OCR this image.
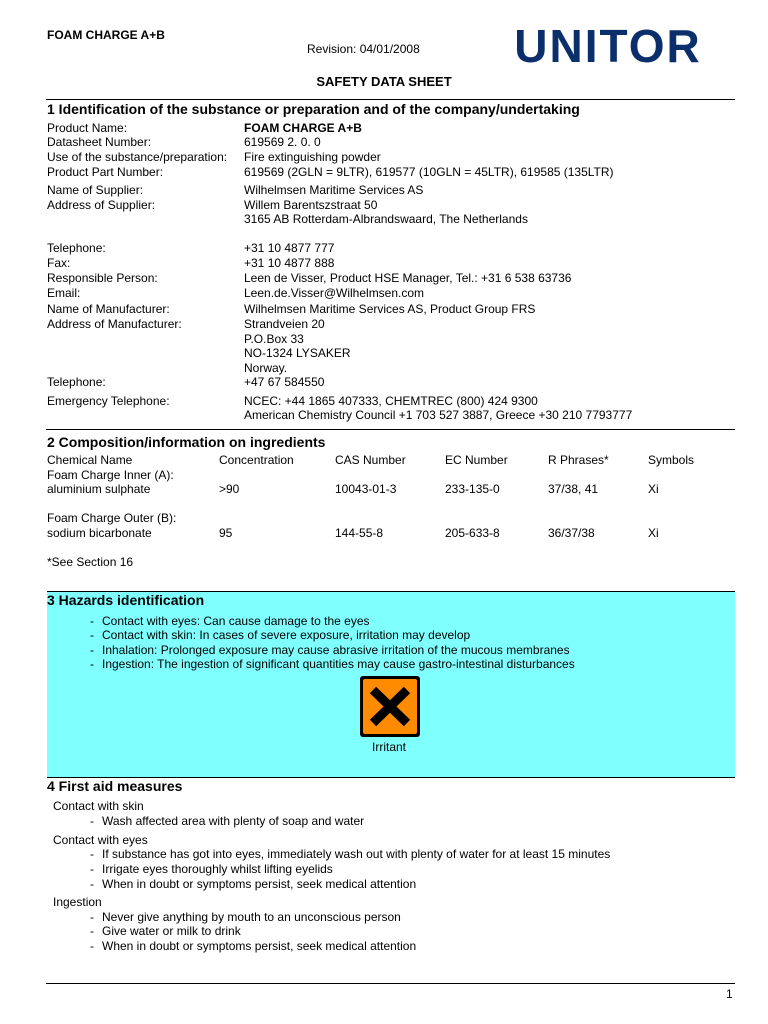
FOAM CHARGE A+B
Revision: 04/01/2008 UNITOR
SAFETY DATA SHEET
1 Identification of the substance or preparation and of the company/undertaking
Product Name:	FOAM CHARGE A+B
Datasheet Number:	619569 2. 0. 0
Use of the substance/preparation: Fire extinguishing powder
Product Part Number:	619569 (2GLN = 9LTR), 619577 (10GLN = 45LTR), 619585 (135LTR)
Name of Supplier:	Wilhelmsen Maritime Services AS
Address of Supplier:	Willem Barentszstraat 50
3165 AB Rotterdam-Albrandswaard, The Netherlands
Telephone:	+31 10 4877 777
Fax:	+31 10 4877 888
Responsible Person:	Leen de Visser, Product HSE Manager, Tel.: +31 6 538 63736
Email:	Leen.de.Visser@Wilhelmsen.com
Name of Manufacturer:	Wilhelmsen Maritime Services AS, Product Group FRS
Address of Manufacturer:	Strandveien 20
P.O.Box 33
NO-1324 LYSAKER
Norway.
Telephone:	+47 67 584550
Emergency Telephone:	NCEC: +44 1865 407333, CHEMTREC (800) 424 9300
American Chemistry Council +1 703 527 3887, Greece +30 210 7793777
2 Composition/information on ingredients
Chemical Name	Concentration	CAS Number	EC Number	R Phrases*	Symbols
Foam Charge Inner (A):
aluminium sulphate	>90	10043-01-3	233-135-0	37/38, 41	Xi
Foam Charge Outer (B):
sodium bicarbonate	95	144-55-8	205-633-8	36/37/38	Xi
*See Section 16
3 Hazards identification
- Contact with eyes: Can cause damage to the eyes
- Contact with skin: In cases of severe exposure, irritation may develop
- Inhalation: Prolonged exposure may cause abrasive irritation of the mucous membranes
- Ingestion: The ingestion of significant quantities may cause gastro-intestinal disturbances
Irritant
4 First aid measures
Contact with skin
- Wash affected area with plenty of soap and water
Contact with eyes
- If substance has got into eyes, immediately wash out with plenty of water for at least 15 minutes
- Irrigate eyes thoroughly whilst lifting eyelids
- When in doubt or symptoms persist, seek medical attention
Ingestion
- Never give anything by mouth to an unconscious person
- Give water or milk to drink
- When in doubt or symptoms persist, seek medical attention
1
